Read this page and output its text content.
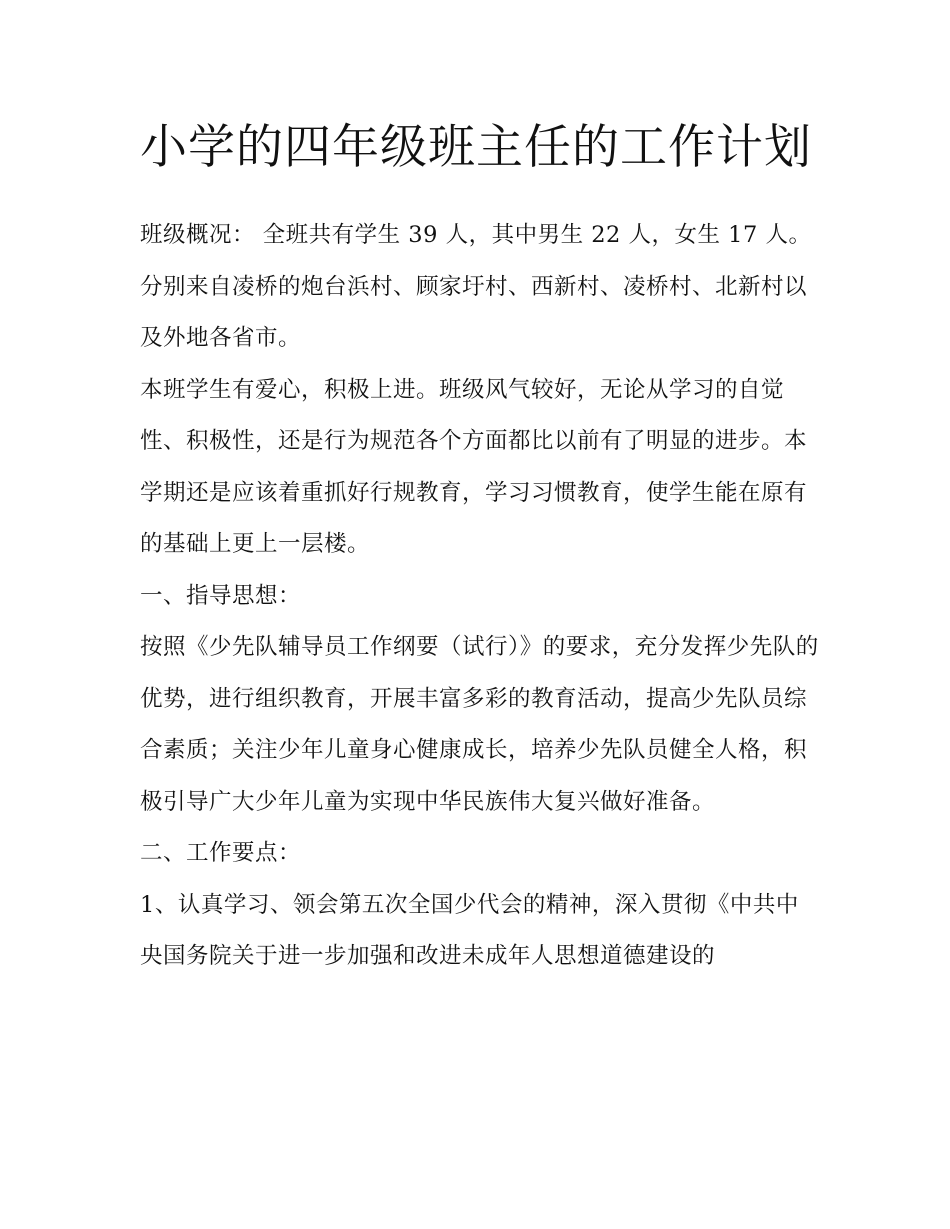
小学的四年级班主任的工作计划

班级概况： 全班共有学生 39 人，其中男生 22 人，女生 17 人。分别来自凌桥的炮台浜村、顾家圩村、西新村、凌桥村、北新村以及外地各省市。

本班学生有爱心，积极上进。班级风气较好，无论从学习的自觉性、积极性，还是行为规范各个方面都比以前有了明显的进步。本学期还是应该着重抓好行规教育，学习习惯教育，使学生能在原有的基础上更上一层楼。

一、指导思想：

按照《少先队辅导员工作纲要（试行）》的要求，充分发挥少先队的优势，进行组织教育，开展丰富多彩的教育活动，提高少先队员综合素质；关注少年儿童身心健康成长，培养少先队员健全人格，积极引导广大少年儿童为实现中华民族伟大复兴做好准备。

二、工作要点：

1、认真学习、领会第五次全国少代会的精神，深入贯彻《中共中央国务院关于进一步加强和改进未成年人思想道德建设的
